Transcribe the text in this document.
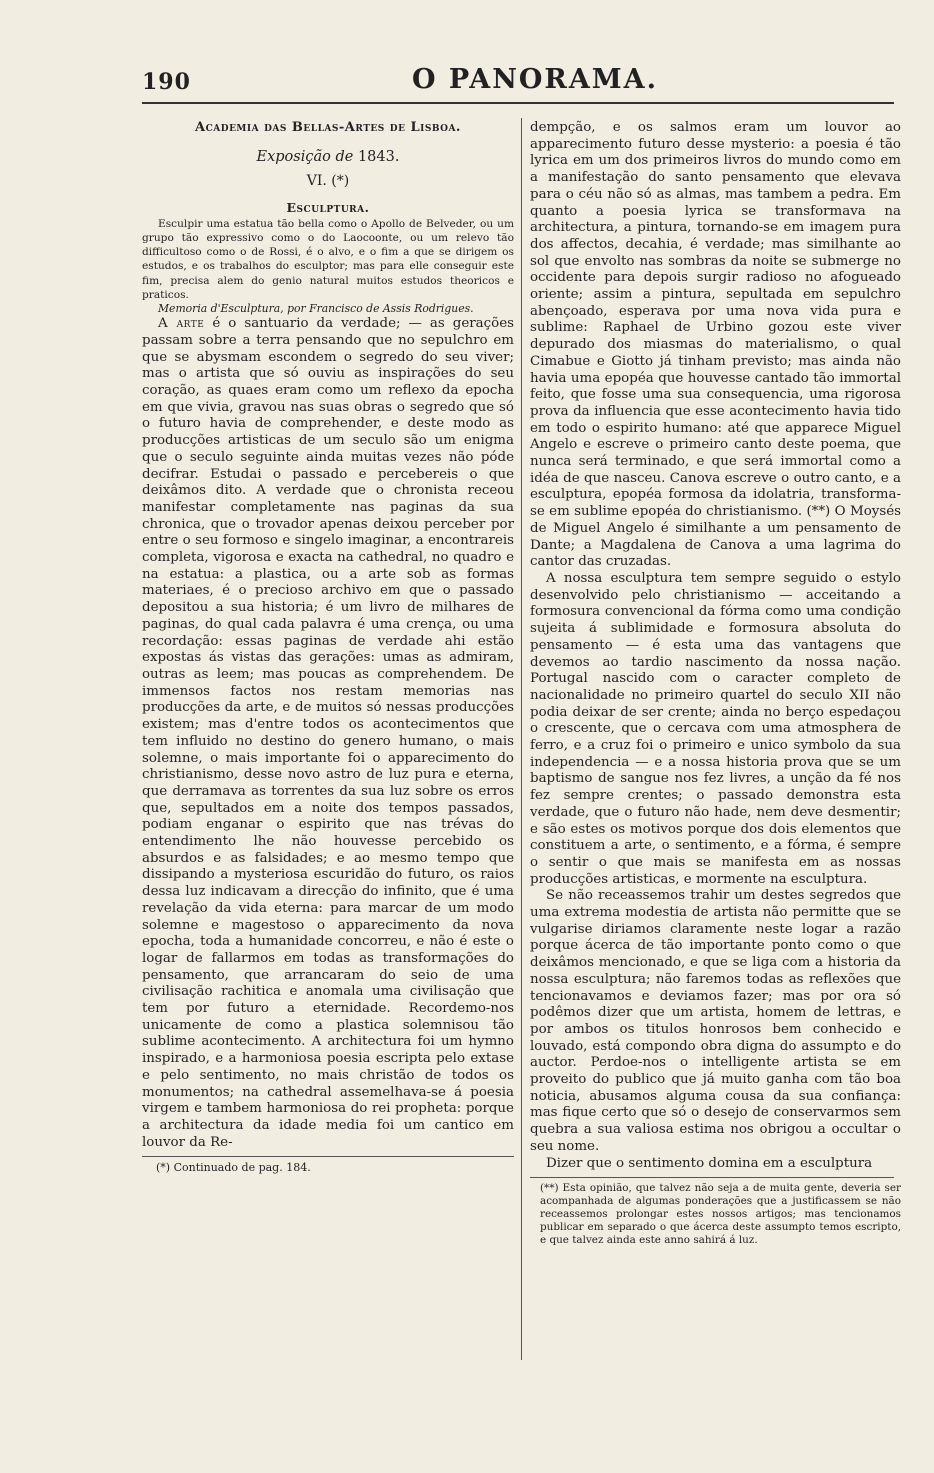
190	O PANORAMA.
Academia das Bellas-Artes de Lisboa.
Exposição de 1843.
VI. (*)
Esculptura.

Esculpir uma estatua tão bella como o Apollo de Belveder, ou um grupo tão expressivo como o do Laocoonte, ou um relevo tão difficultoso como o de Rossi, é o alvo, e o fim a que se dirigem os estudos, e os trabalhos do esculptor; mas para elle conseguir este fim, precisa alem do genio natural muitos estudos theoricos e praticos.

Memoria d'Esculptura, por Francisco de Assis Rodrigues.

A arte é o santuario da verdade; — as gerações passam sobre a terra pensando que no sepulchro em que se abysmam escondem o segredo do seu viver; mas o artista que só ouviu as inspirações do seu coração, as quaes eram como um reflexo da epocha em que vivia, gravou nas suas obras o segredo que só o futuro havia de comprehender, e deste modo as producções artisticas de um seculo são um enigma que o seculo seguinte ainda muitas vezes não póde decifrar. Estudai o passado e percebereis o que deixâmos dito. A verdade que o chronista receou manifestar completamente nas paginas da sua chronica, que o trovador apenas deixou perceber por entre o seu formoso e singelo imaginar, a encontrareis completa, vigorosa e exacta na cathedral, no quadro e na estatua: a plastica, ou a arte sob as formas materiaes, é o precioso archivo em que o passado depositou a sua historia; é um livro de milhares de paginas, do qual cada palavra é uma crença, ou uma recordação: essas paginas de verdade ahi estão expostas ás vistas das gerações: umas as admiram, outras as leem; mas poucas as comprehendem. De immensos factos nos restam memorias nas producções da arte, e de muitos só nessas producções existem; mas d'entre todos os acontecimentos que tem influido no destino do genero humano, o mais solemne, o mais importante foi o apparecimento do christianismo, desse novo astro de luz pura e eterna, que derramava as torrentes da sua luz sobre os erros que, sepultados em a noite dos tempos passados, podiam enganar o espirito que nas trévas do entendimento lhe não houvesse percebido os absurdos e as falsidades; e ao mesmo tempo que dissipando a mysteriosa escuridão do futuro, os raios dessa luz indicavam a direcção do infinito, que é uma revelação da vida eterna: para marcar de um modo solemne e magestoso o apparecimento da nova epocha, toda a humanidade concorreu, e não é este o logar de fallarmos em todas as transformações do pensamento, que arrancaram do seio de uma civilisação rachitica e anomala uma civilisação que tem por futuro a eternidade. Recordemo-nos unicamente de como a plastica solemnisou tão sublime acontecimento. A architectura foi um hymno inspirado, e a harmoniosa poesia escripta pelo extase e pelo sentimento, no mais christão de todos os monumentos; na cathedral assemelhava-se á poesia virgem e tambem harmoniosa do rei propheta: porque a architectura da idade media foi um cantico em louvor da Re-

(*) Continuado de pag. 184.

dempção, e os salmos eram um louvor ao apparecimento futuro desse mysterio: a poesia é tão lyrica em um dos primeiros livros do mundo como em a manifestação do santo pensamento que elevava para o céu não só as almas, mas tambem a pedra. Em quanto a poesia lyrica se transformava na architectura, a pintura, tornando-se em imagem pura dos affectos, decahia, é verdade; mas similhante ao sol que envolto nas sombras da noite se submerge no occidente para depois surgir radioso no afogueado oriente; assim a pintura, sepultada em sepulchro abençoado, esperava por uma nova vida pura e sublime: Raphael de Urbino gozou este viver depurado dos miasmas do materialismo, o qual Cimabue e Giotto já tinham previsto; mas ainda não havia uma epopéa que houvesse cantado tão immortal feito, que fosse uma sua consequencia, uma rigorosa prova da influencia que esse acontecimento havia tido em todo o espirito humano: até que apparece Miguel Angelo e escreve o primeiro canto deste poema, que nunca será terminado, e que será immortal como a idéa de que nasceu. Canova escreve o outro canto, e a esculptura, epopéa formosa da idolatria, transforma-se em sublime epopéa do christianismo. (**) O Moysés de Miguel Angelo é similhante a um pensamento de Dante; a Magdalena de Canova a uma lagrima do cantor das cruzadas.

A nossa esculptura tem sempre seguido o estylo desenvolvido pelo christianismo — acceitando a formosura convencional da fórma como uma condição sujeita á sublimidade e formosura absoluta do pensamento — é esta uma das vantagens que devemos ao tardio nascimento da nossa nação. Portugal nascido com o caracter completo de nacionalidade no primeiro quartel do seculo XII não podia deixar de ser crente; ainda no berço espedaçou o crescente, que o cercava com uma atmosphera de ferro, e a cruz foi o primeiro e unico symbolo da sua independencia — e a nossa historia prova que se um baptismo de sangue nos fez livres, a unção da fé nos fez sempre crentes; o passado demonstra esta verdade, que o futuro não hade, nem deve desmentir; e são estes os motivos porque dos dois elementos que constituem a arte, o sentimento, e a fórma, é sempre o sentir o que mais se manifesta em as nossas producções artisticas, e mormente na esculptura.

Se não receassemos trahir um destes segredos que uma extrema modestia de artista não permitte que se vulgarise diriamos claramente neste logar a razão porque ácerca de tão importante ponto como o que deixâmos mencionado, e que se liga com a historia da nossa esculptura; não faremos todas as reflexões que tencionavamos e deviamos fazer; mas por ora só podêmos dizer que um artista, homem de lettras, e por ambos os titulos honrosos bem conhecido e louvado, está compondo obra digna do assumpto e do auctor. Perdoe-nos o intelligente artista se em proveito do publico que já muito ganha com tão boa noticia, abusamos alguma cousa da sua confiança: mas fique certo que só o desejo de conservarmos sem quebra a sua valiosa estima nos obrigou a occultar o seu nome.

Dizer que o sentimento domina em a esculptura

(**) Esta opinião, que talvez não seja a de muita gente, deveria ser acompanhada de algumas ponderações que a justificassem se não receassemos prolongar estes nossos artigos; mas tencionamos publicar em separado o que ácerca deste assumpto temos escripto, e que talvez ainda este anno sahirá á luz.
